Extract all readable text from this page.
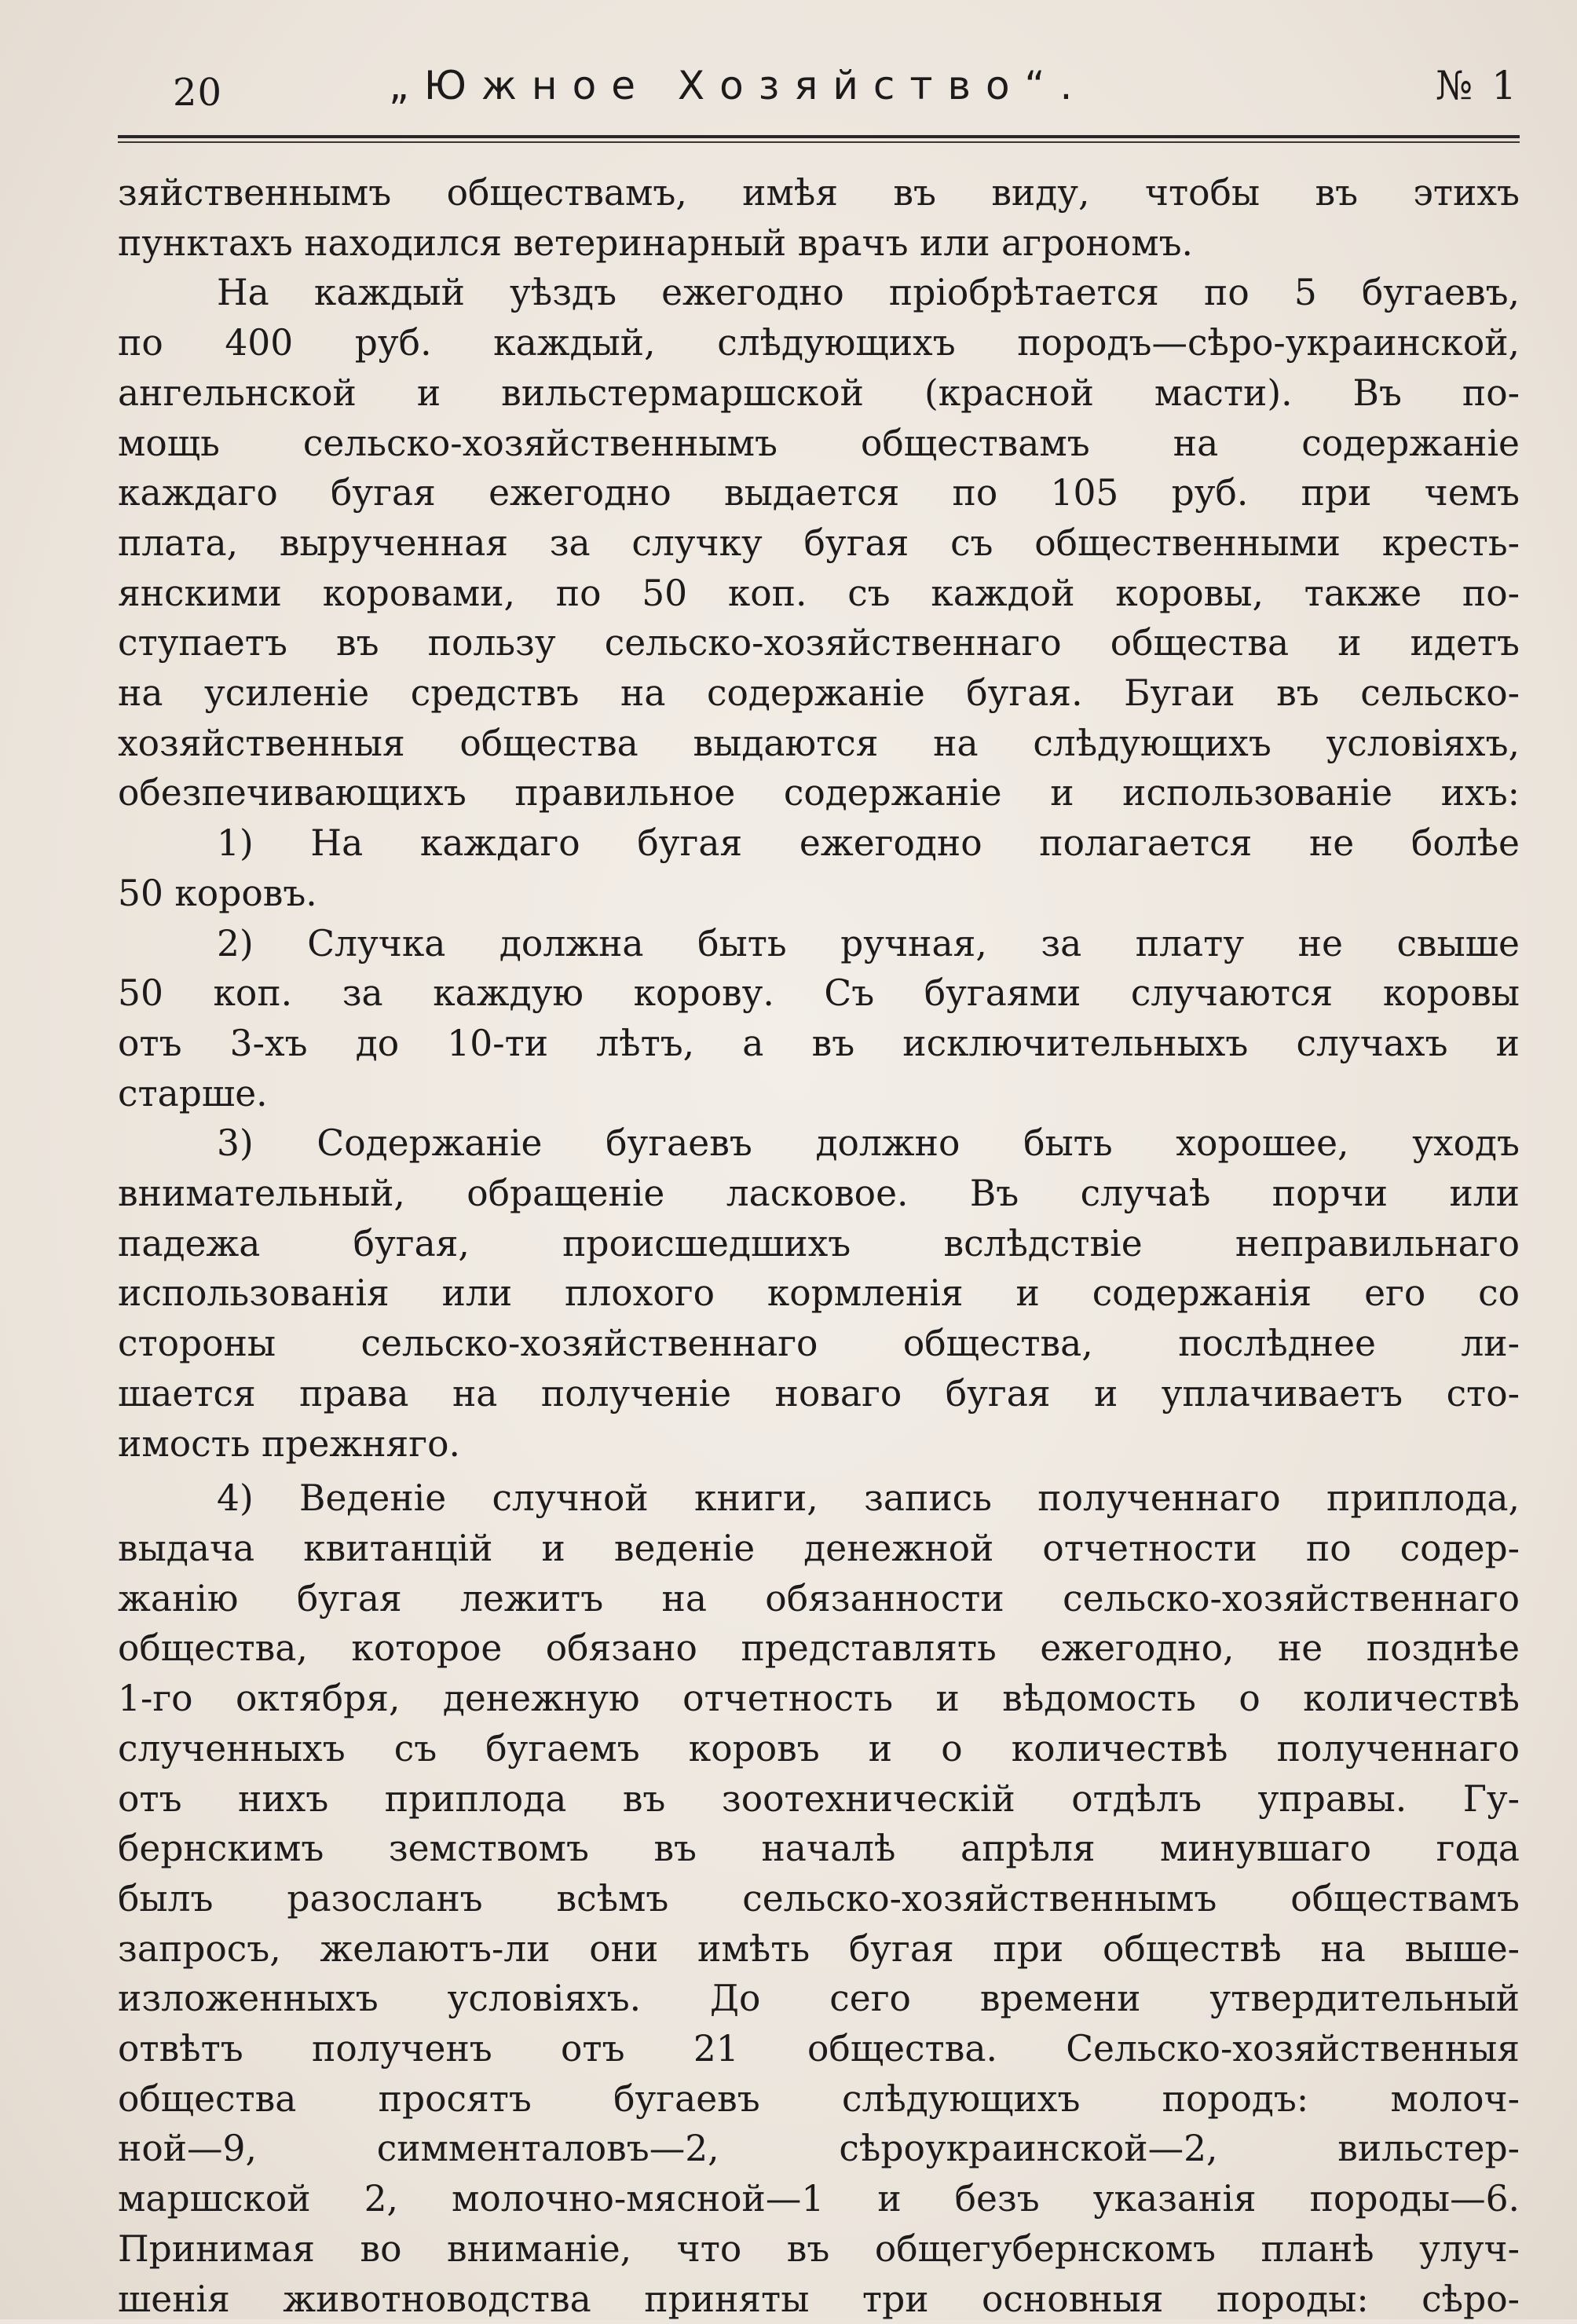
20	„Южное Хозяйство“.	№ 1
зяйственнымъ обществамъ, имѣя въ виду, чтобы въ этихъ
пунктахъ находился ветеринарный врачъ или агрономъ.
На каждый уѣздъ ежегодно пріобрѣтается по 5 бугаевъ,
по 400 руб. каждый, слѣдующихъ породъ—сѣро-украинской,
ангельнской и вильстермаршской (красной масти). Въ по-
мощь сельско-хозяйственнымъ обществамъ на содержаніе
каждаго бугая ежегодно выдается по 105 руб. при чемъ
плата, вырученная за случку бугая съ общественными кресть-
янскими коровами, по 50 коп. съ каждой коровы, также по-
ступаетъ въ пользу сельско-хозяйственнаго общества и идетъ
на усиленіе средствъ на содержаніе бугая. Бугаи въ сельско-
хозяйственныя общества выдаются на слѣдующихъ условіяхъ,
обезпечивающихъ правильное содержаніе и использованіе ихъ:
1) На каждаго бугая ежегодно полагается не болѣе
50 коровъ.
2) Случка должна быть ручная, за плату не свыше
50 коп. за каждую корову. Съ бугаями случаются коровы
отъ 3-хъ до 10-ти лѣтъ, а въ исключительныхъ случахъ и
старше.
3) Содержаніе бугаевъ должно быть хорошее, уходъ
внимательный, обращеніе ласковое. Въ случаѣ порчи или
падежа бугая, происшедшихъ вслѣдствіе неправильнаго
использованія или плохого кормленія и содержанія его со
стороны сельско-хозяйственнаго общества, послѣднее ли-
шается права на полученіе новаго бугая и уплачиваетъ сто-
имость прежняго.
4) Веденіе случной книги, запись полученнаго приплода,
выдача квитанцій и веденіе денежной отчетности по содер-
жанію бугая лежитъ на обязанности сельско-хозяйственнаго
общества, которое обязано представлять ежегодно, не позднѣе
1-го октября, денежную отчетность и вѣдомость о количествѣ
слученныхъ съ бугаемъ коровъ и о количествѣ полученнаго
отъ нихъ приплода въ зоотехническій отдѣлъ управы. Гу-
бернскимъ земствомъ въ началѣ апрѣля минувшаго года
былъ разосланъ всѣмъ сельско-хозяйственнымъ обществамъ
запросъ, желаютъ-ли они имѣть бугая при обществѣ на выше-
изложенныхъ условіяхъ. До сего времени утвердительный
отвѣтъ полученъ отъ 21 общества. Сельско-хозяйственныя
общества просятъ бугаевъ слѣдующихъ породъ: молоч-
ной—9, симменталовъ—2, сѣроукраинской—2, вильстер-
маршской 2, молочно-мясной—1 и безъ указанія породы—6.
Принимая во вниманіе, что въ общегубернскомъ планѣ улуч-
шенія животноводства приняты три основныя породы: сѣро-
